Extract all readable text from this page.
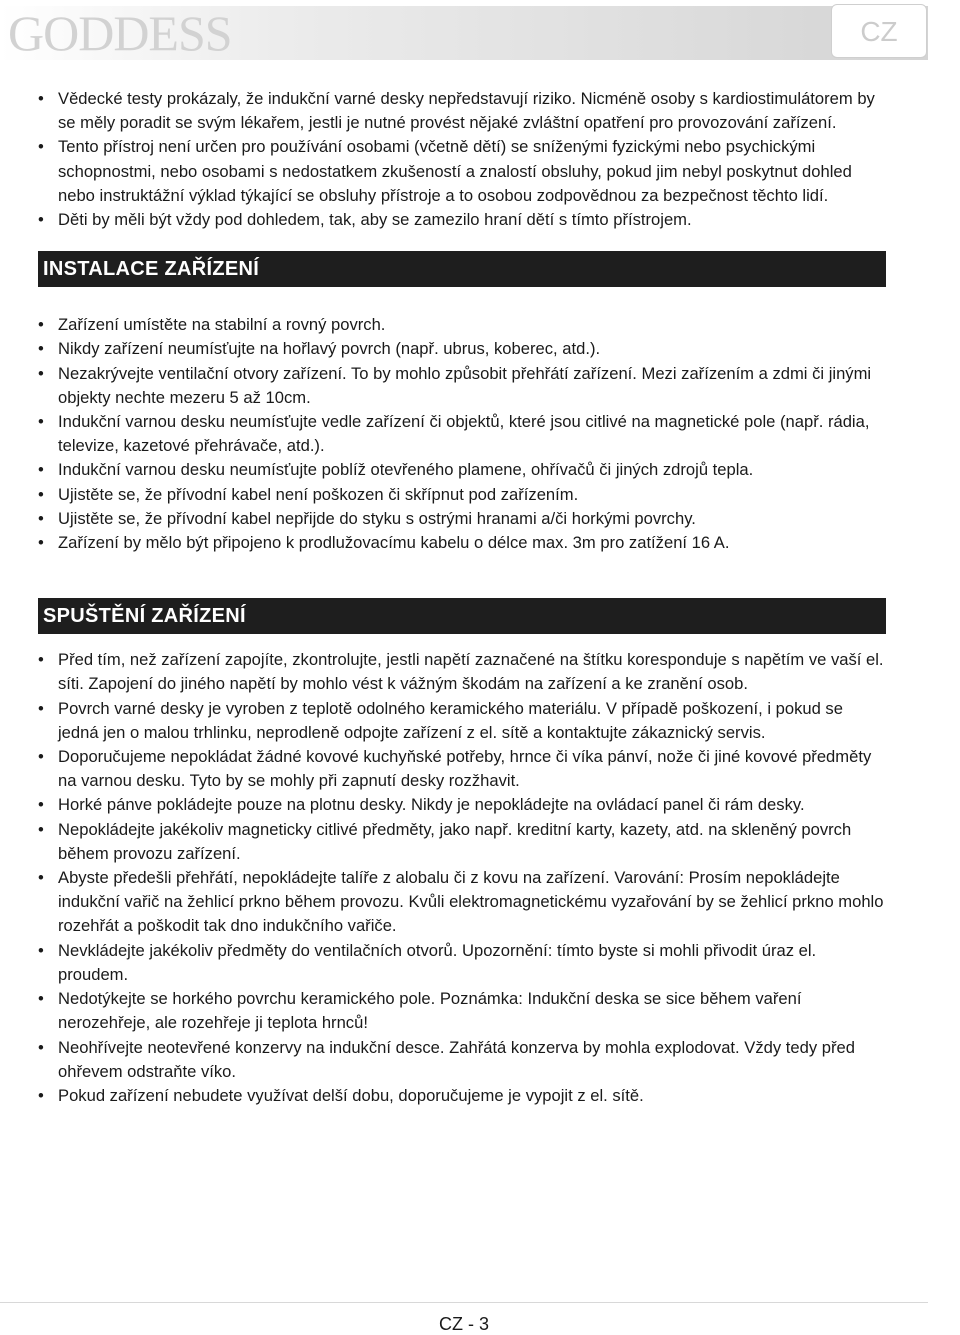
GODDESS	CZ
• Vědecké testy prokázaly, že indukční varné desky nepředstavují riziko. Nicméně osoby s kardiostimulátorem by se měly poradit se svým lékařem, jestli je nutné provést nějaké zvláštní opatření pro provozování zařízení.
• Tento přístroj není určen pro používání osobami (včetně dětí) se sníženými fyzickými nebo psychickými schopnostmi, nebo osobami s nedostatkem zkušeností a znalostí obsluhy, pokud jim nebyl poskytnut dohled nebo instruktážní výklad týkající se obsluhy přístroje a to osobou zodpovědnou za bezpečnost těchto lidí.
• Děti by měli být vždy pod dohledem, tak, aby se zamezilo hraní dětí s tímto přístrojem.
INSTALACE ZAŘÍZENÍ
• Zařízení umístěte na stabilní a rovný povrch.
• Nikdy zařízení neumísťujte na hořlavý povrch (např. ubrus, koberec, atd.).
• Nezakrývejte ventilační otvory zařízení. To by mohlo způsobit přehřátí zařízení. Mezi zařízením a zdmi či jinými objekty nechte mezeru 5 až 10cm.
• Indukční varnou desku neumísťujte vedle zařízení či objektů, které jsou citlivé na magnetické pole (např. rádia, televize, kazetové přehrávače, atd.).
• Indukční varnou desku neumísťujte poblíž otevřeného plamene, ohřívačů či jiných zdrojů tepla.
• Ujistěte se, že přívodní kabel není poškozen či skřípnut pod zařízením.
• Ujistěte se, že přívodní kabel nepřijde do styku s ostrými hranami a/či horkými povrchy.
• Zařízení by mělo být připojeno k prodlužovacímu kabelu o délce max. 3m pro zatížení 16 A.
SPUŠTĚNÍ ZAŘÍZENÍ
• Před tím, než zařízení zapojíte, zkontrolujte, jestli napětí zaznačené na štítku koresponduje s napětím ve vaší el. síti. Zapojení do jiného napětí by mohlo vést k vážným škodám na zařízení a ke zranění osob.
• Povrch varné desky je vyroben z teplotě odolného keramického materiálu. V případě poškození, i pokud se jedná jen o malou trhlinku, neprodleně odpojte zařízení z el. sítě a kontaktujte zákaznický servis.
• Doporučujeme nepokládat žádné kovové kuchyňské potřeby, hrnce či víka pánví, nože či jiné kovové předměty na varnou desku. Tyto by se mohly při zapnutí desky rozžhavit.
• Horké pánve pokládejte pouze na plotnu desky. Nikdy je nepokládejte na ovládací panel či rám desky.
• Nepokládejte jakékoliv magneticky citlivé předměty, jako např. kreditní karty, kazety, atd. na skleněný povrch během provozu zařízení.
• Abyste předešli přehřátí, nepokládejte talíře z alobalu či z kovu na zařízení. Varování: Prosím nepokládejte indukční vařič na žehlicí prkno během provozu. Kvůli elektromagnetickému vyzařování by se žehlicí prkno mohlo rozehřát a poškodit tak dno indukčního vařiče.
• Nevkládejte jakékoliv předměty do ventilačních otvorů. Upozornění: tímto byste si mohli přivodit úraz el. proudem.
• Nedotýkejte se horkého povrchu keramického pole. Poznámka: Indukční deska se sice během vaření nerozehřeje, ale rozehřeje ji teplota hrnců!
• Neohřívejte neotevřené konzervy na indukční desce. Zahřátá konzerva by mohla explodovat. Vždy tedy před ohřevem odstraňte víko.
• Pokud zařízení nebudete využívat delší dobu, doporučujeme je vypojit z el. sítě.
CZ - 3
